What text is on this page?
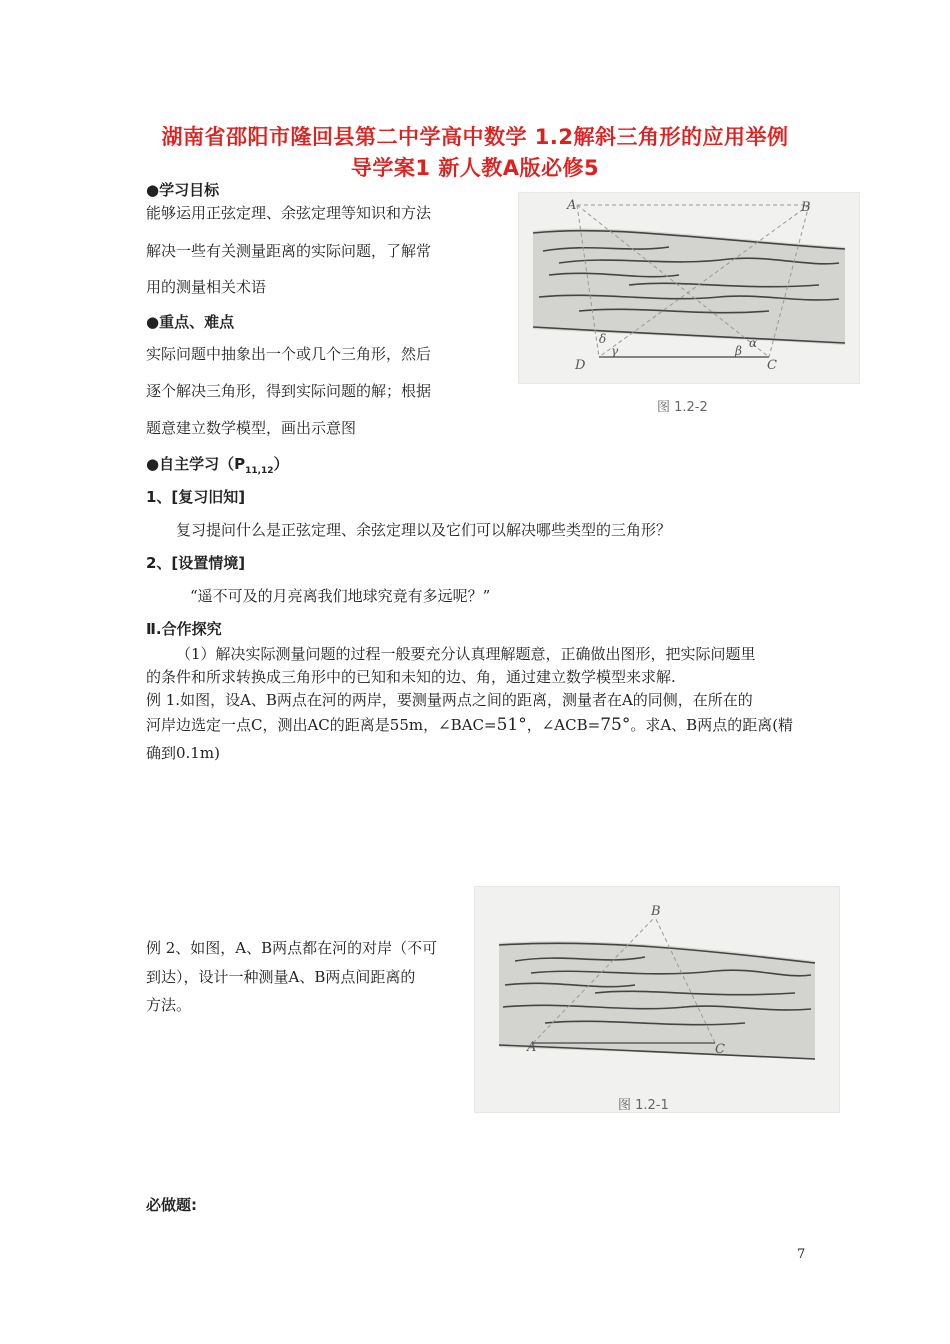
湖南省邵阳市隆回县第二中学高中数学 1.2解斜三角形的应用举例
导学案1 新人教A版必修5
●学习目标
能够运用正弦定理、余弦定理等知识和方法
解决一些有关测量距离的实际问题，了解常
用的测量相关术语
●重点、难点
实际问题中抽象出一个或几个三角形，然后
逐个解决三角形，得到实际问题的解；根据
题意建立数学模型，画出示意图
A	B
C
D
δ
γ	β
α
图 1.2-2
●自主学习$(P_{11,12})$
1、[复习旧知]
复习提问什么是正弦定理、余弦定理以及它们可以解决哪些类型的三角形？
2、[设置情境]
“遥不可及的月亮离我们地球究竟有多远呢？”
Ⅱ.合作探究
（1）解决实际测量问题的过程一般要充分认真理解题意，正确做出图形，把实际问题里
的条件和所求转换成三角形中的已知和未知的边、角，通过建立数学模型来求解.
例 1.如图，设A、B两点在河的两岸，要测量两点之间的距离，测量者在A的同侧，在所在的
河岸边选定一点C，测出AC的距离是55m，∠BAC=51°，∠ACB=75°。求A、B两点的距离(精
确到0.1m)
B
A	C
图 1.2-1
例 2、如图，A、B两点都在河的对岸（不可
到达），设计一种测量A、B两点间距离的
方法。
必做题:
7
